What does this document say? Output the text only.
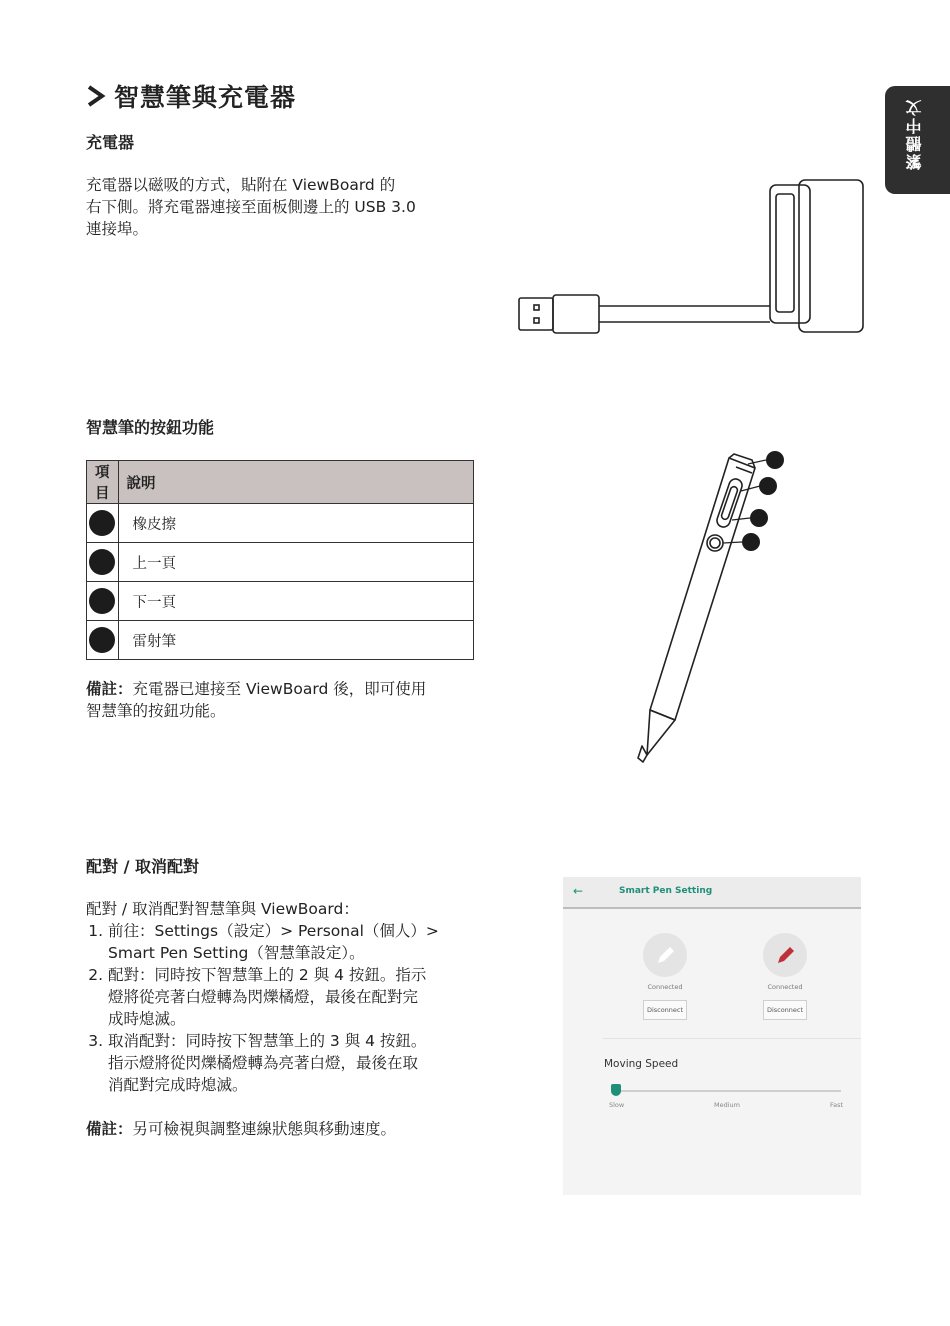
繁體中文
智慧筆與充電器
充電器
充電器以磁吸的方式，貼附在 ViewBoard 的
右下側。將充電器連接至面板側邊上的 USB 3.0
連接埠。
智慧筆的按鈕功能
項目	說明
	橡皮擦
	上一頁
	下一頁
	雷射筆
備註：充電器已連接至 ViewBoard 後，即可使用
智慧筆的按鈕功能。
配對 / 取消配對
配對 / 取消配對智慧筆與 ViewBoard：
1. 前往：Settings（設定）> Personal（個人）>
Smart Pen Setting（智慧筆設定）。
2. 配對：同時按下智慧筆上的 2 與 4 按鈕。指示
燈將從亮著白燈轉為閃爍橘燈，最後在配對完
成時熄滅。
3. 取消配對：同時按下智慧筆上的 3 與 4 按鈕。
指示燈將從閃爍橘燈轉為亮著白燈，最後在取
消配對完成時熄滅。
備註：另可檢視與調整連線狀態與移動速度。
←	Smart Pen Setting
Connected
Disconnect
Connected
Disconnect
Moving Speed
Slow	Medium	Fast
